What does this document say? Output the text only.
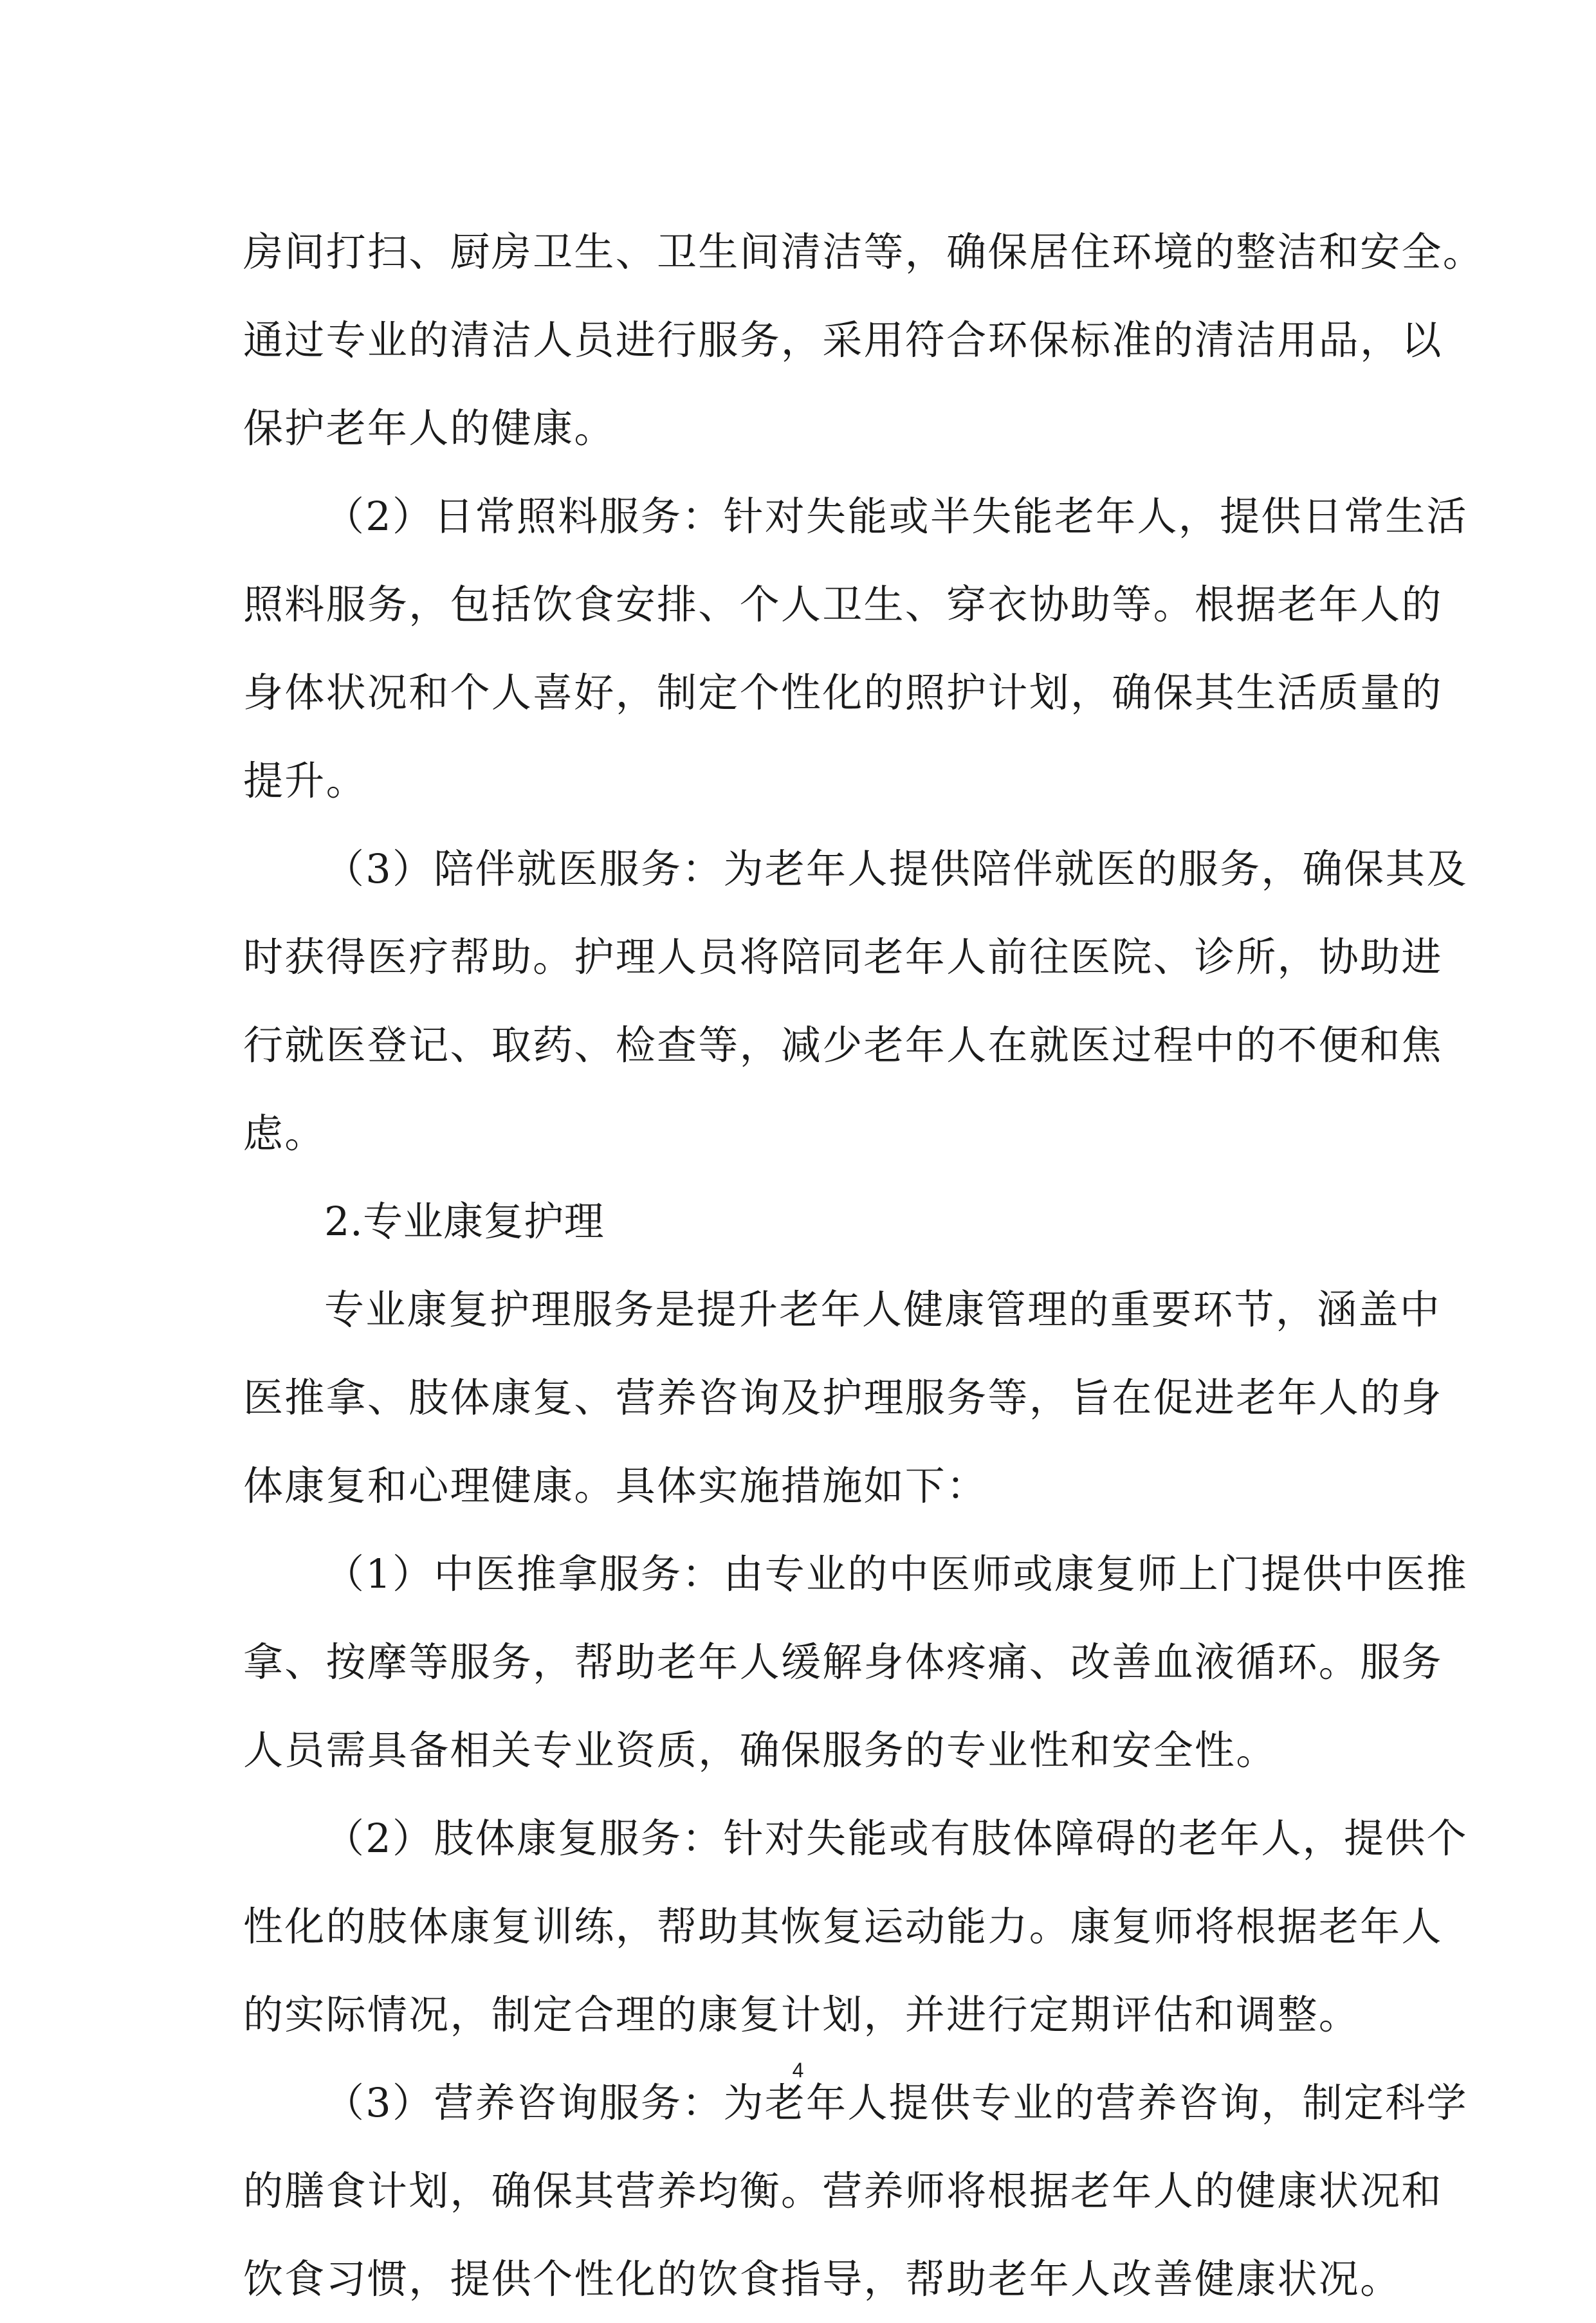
房间打扫、厨房卫生、卫生间清洁等，确保居住环境的整洁和安全。
通过专业的清洁人员进行服务，采用符合环保标准的清洁用品，以
保护老年人的健康。
（2）日常照料服务：针对失能或半失能老年人，提供日常生活
照料服务，包括饮食安排、个人卫生、穿衣协助等。根据老年人的
身体状况和个人喜好，制定个性化的照护计划，确保其生活质量的
提升。
（3）陪伴就医服务：为老年人提供陪伴就医的服务，确保其及
时获得医疗帮助。护理人员将陪同老年人前往医院、诊所，协助进
行就医登记、取药、检查等，减少老年人在就医过程中的不便和焦
虑。
2.专业康复护理
专业康复护理服务是提升老年人健康管理的重要环节，涵盖中
医推拿、肢体康复、营养咨询及护理服务等，旨在促进老年人的身
体康复和心理健康。具体实施措施如下：
（1）中医推拿服务：由专业的中医师或康复师上门提供中医推
拿、按摩等服务，帮助老年人缓解身体疼痛、改善血液循环。服务
人员需具备相关专业资质，确保服务的专业性和安全性。
（2）肢体康复服务：针对失能或有肢体障碍的老年人，提供个
性化的肢体康复训练，帮助其恢复运动能力。康复师将根据老年人
的实际情况，制定合理的康复计划，并进行定期评估和调整。
（3）营养咨询服务：为老年人提供专业的营养咨询，制定科学
的膳食计划，确保其营养均衡。营养师将根据老年人的健康状况和
饮食习惯，提供个性化的饮食指导，帮助老年人改善健康状况。
4
